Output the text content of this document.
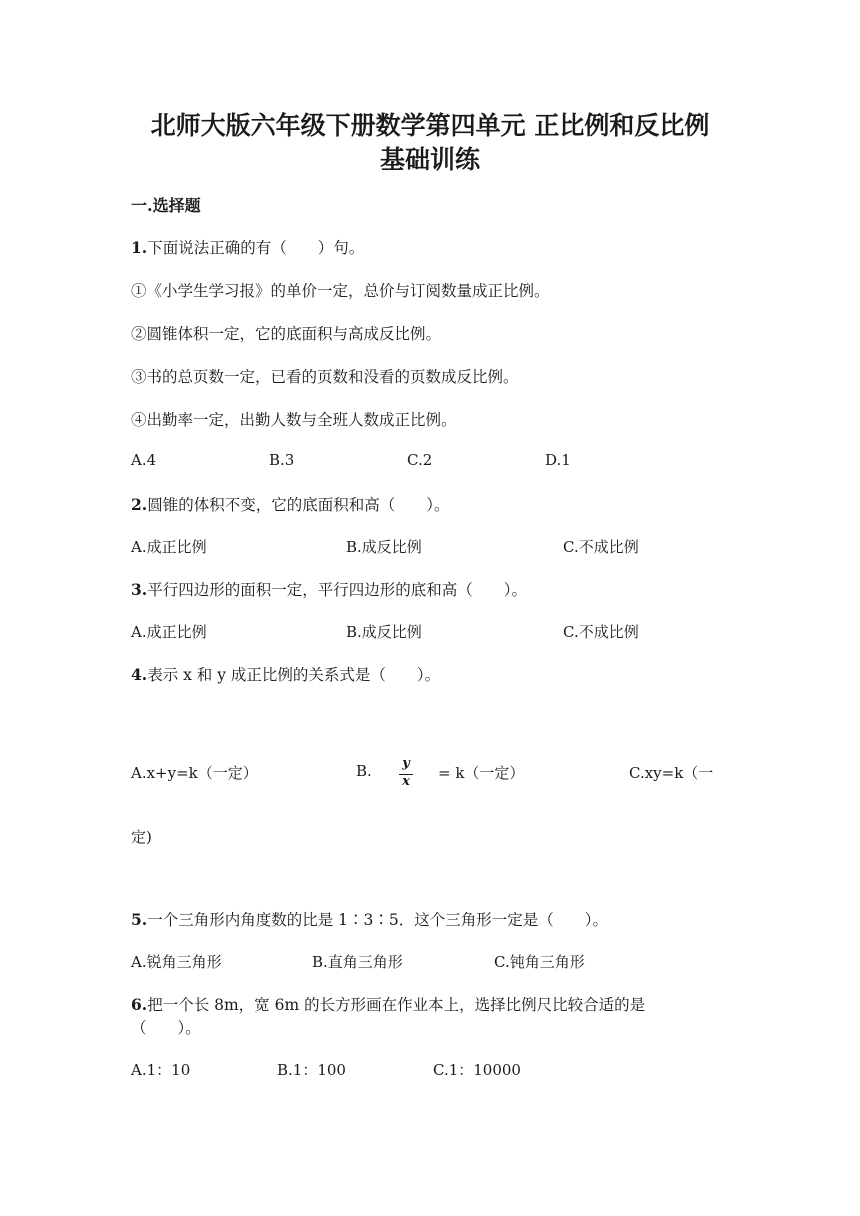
北师大版六年级下册数学第四单元 正比例和反比例
基础训练
一.选择题
1.下面说法正确的有（　　）句。
①《小学生学习报》的单价一定，总价与订阅数量成正比例。
②圆锥体积一定，它的底面积与高成反比例。
③书的总页数一定，已看的页数和没看的页数成反比例。
④出勤率一定，出勤人数与全班人数成正比例。
A.4	B.3	C.2	D.1
2.圆锥的体积不变，它的底面积和高（　　）。
A.成正比例	B.成反比例	C.不成比例
3.平行四边形的面积一定，平行四边形的底和高（　　）。
A.成正比例	B.成反比例	C.不成比例
4.表示 x 和 y 成正比例的关系式是（　　）。
A.x+y=k（一定）	B. y
x = k（一定）	C.xy=k（一
定)
5.一个三角形内角度数的比是 1∶3∶5．这个三角形一定是（　　）。
A.锐角三角形	B.直角三角形	C.钝角三角形
6.把一个长 8m，宽 6m 的长方形画在作业本上，选择比例尺比较合适的是
（　　）。
A.1：10	B.1：100	C.1：10000
